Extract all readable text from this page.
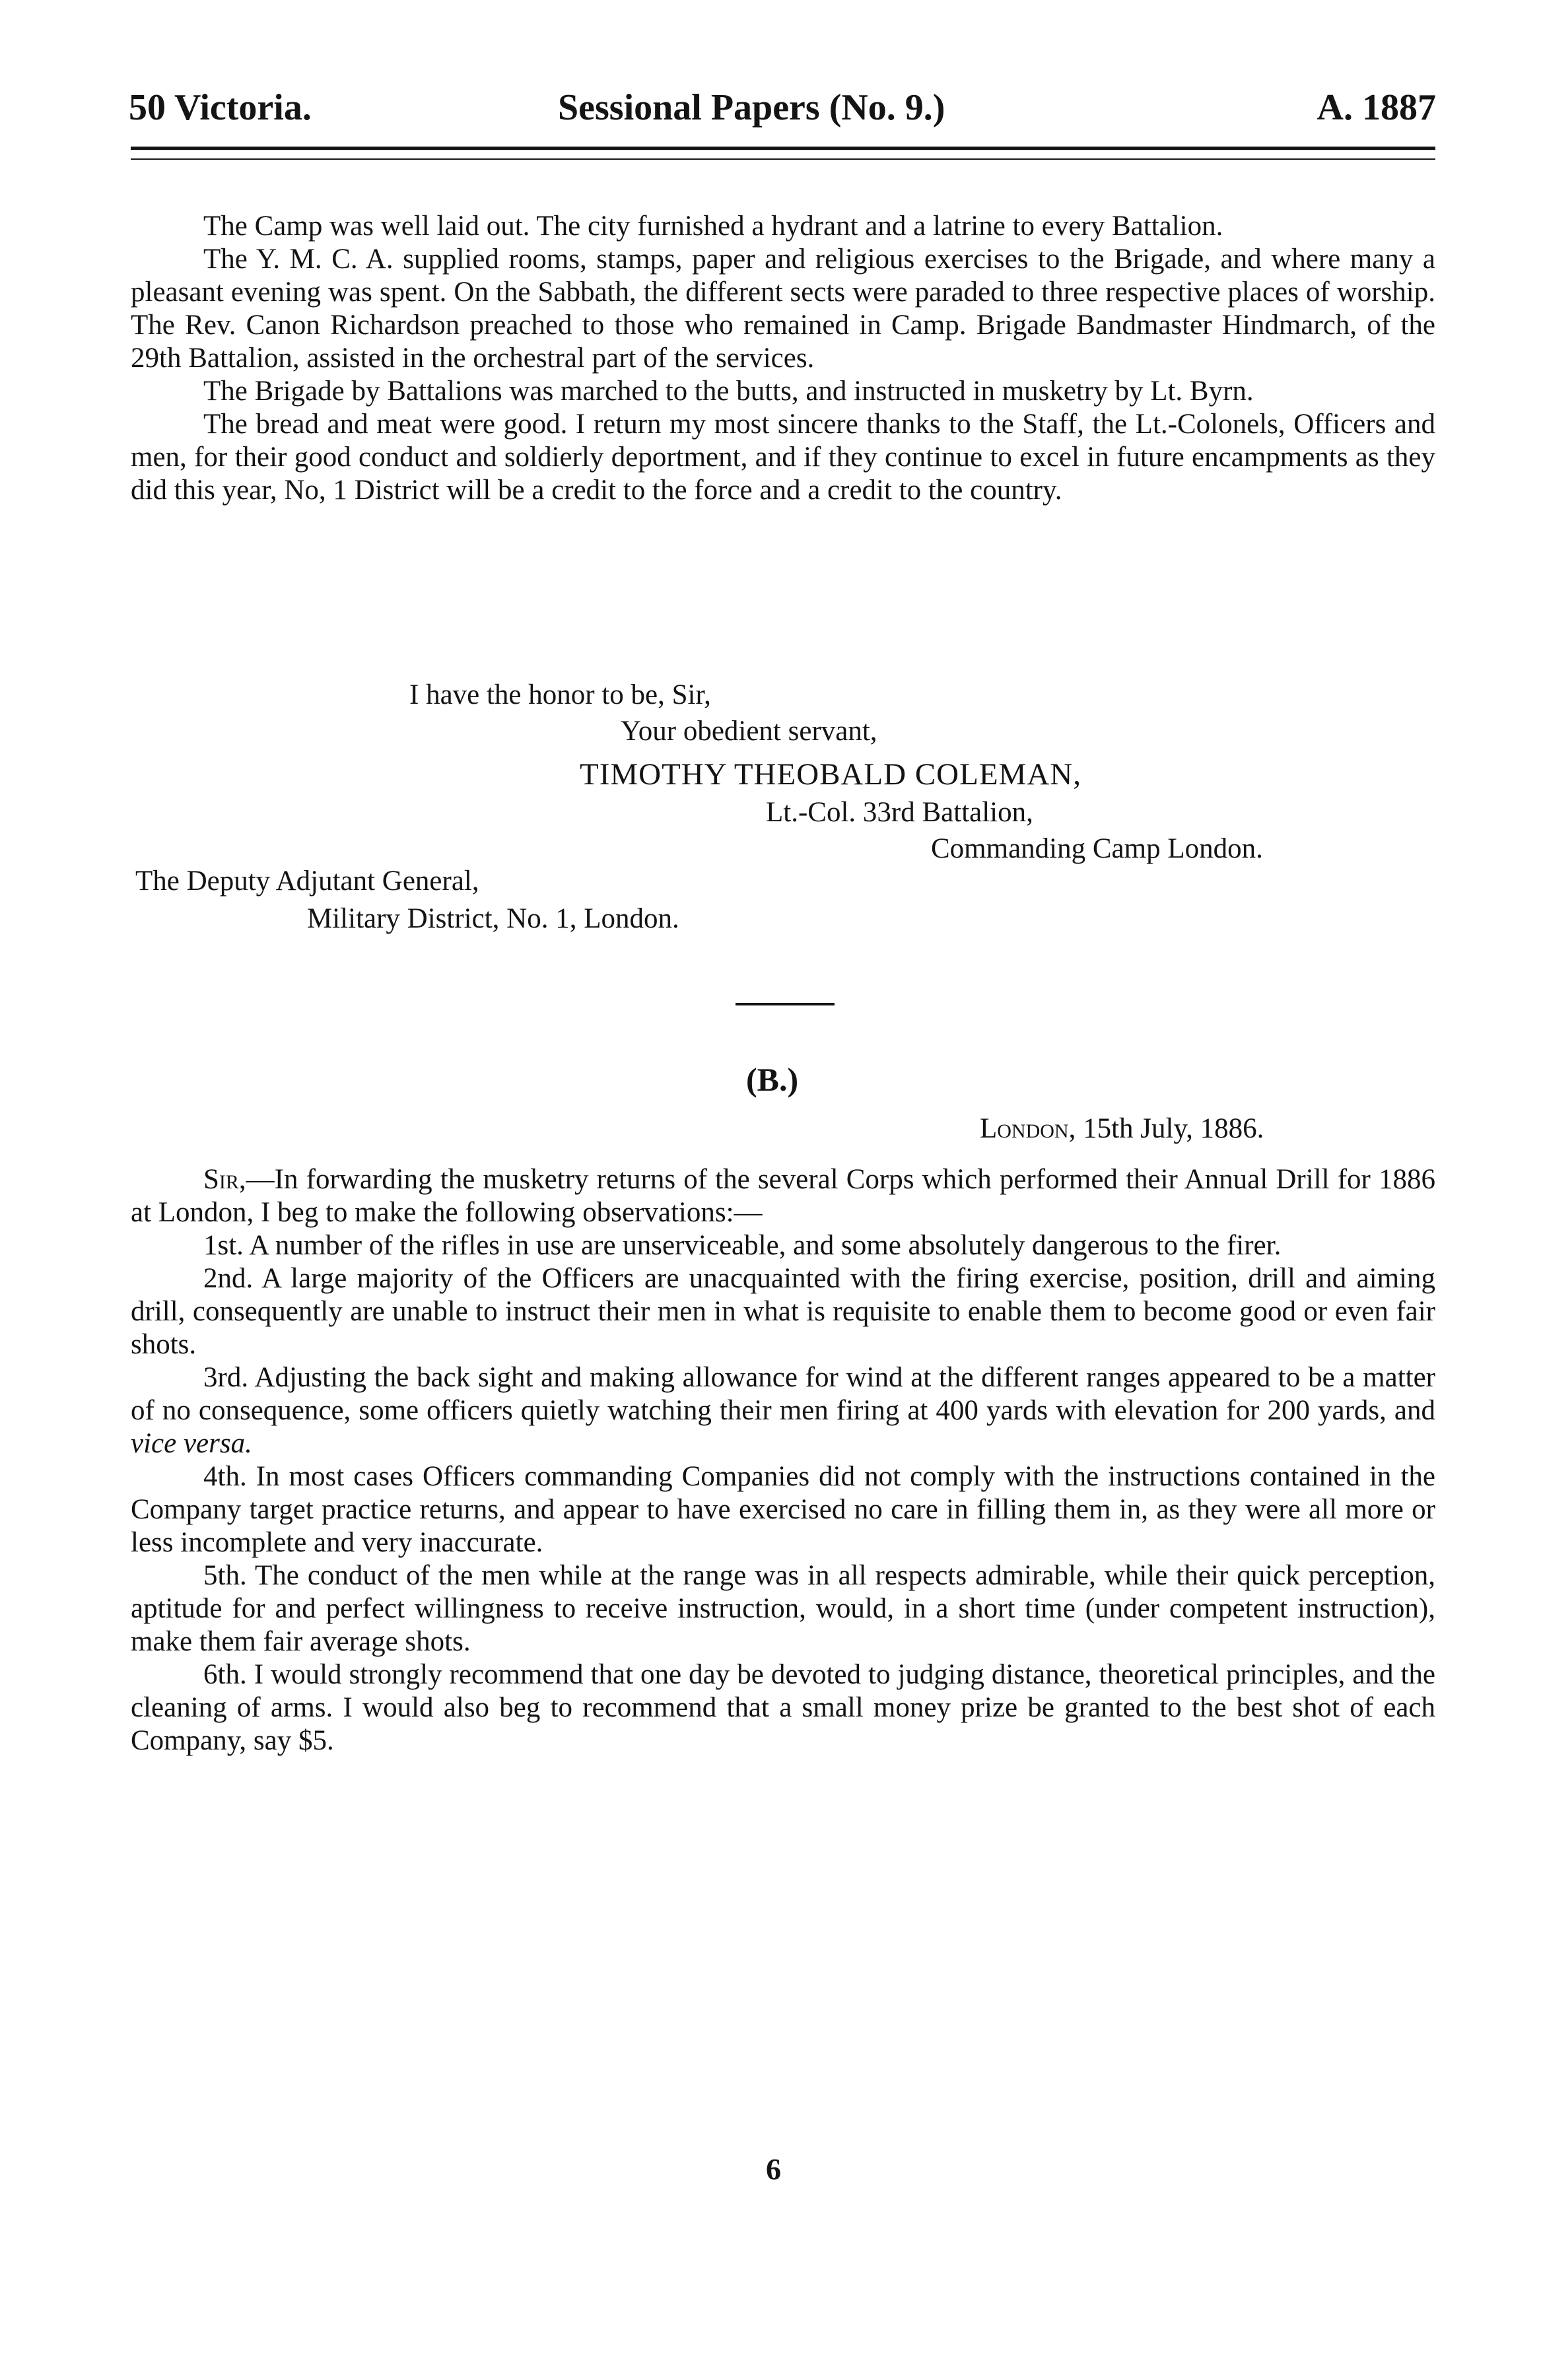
50 Victoria.	Sessional Papers (No. 9.)	A. 1887

The Camp was well laid out. The city furnished a hydrant and a latrine to every Battalion.

The Y. M. C. A. supplied rooms, stamps, paper and religious exercises to the Brigade, and where many a pleasant evening was spent. On the Sabbath, the different sects were paraded to three respective places of worship. The Rev. Canon Richardson preached to those who remained in Camp. Brigade Bandmaster Hindmarch, of the 29th Battalion, assisted in the orchestral part of the services.

The Brigade by Battalions was marched to the butts, and instructed in musketry by Lt. Byrn.

The bread and meat were good. I return my most sincere thanks to the Staff, the Lt.-Colonels, Officers and men, for their good conduct and soldierly deportment, and if they continue to excel in future encampments as they did this year, No, 1 District will be a credit to the force and a credit to the country.

I have the honor to be, Sir,
Your obedient servant,
TIMOTHY THEOBALD COLEMAN,
Lt.-Col. 33rd Battalion,
Commanding Camp London.
The Deputy Adjutant General,
Military District, No. 1, London.
(B.)
London, 15th July, 1886.

Sir,—In forwarding the musketry returns of the several Corps which performed their Annual Drill for 1886 at London, I beg to make the following observations:—

1st. A number of the rifles in use are unserviceable, and some absolutely dangerous to the firer.

2nd. A large majority of the Officers are unacquainted with the firing exercise, position, drill and aiming drill, consequently are unable to instruct their men in what is requisite to enable them to become good or even fair shots.

3rd. Adjusting the back sight and making allowance for wind at the different ranges appeared to be a matter of no consequence, some officers quietly watching their men firing at 400 yards with elevation for 200 yards, and vice versa.

4th. In most cases Officers commanding Companies did not comply with the instructions contained in the Company target practice returns, and appear to have exercised no care in filling them in, as they were all more or less incomplete and very inaccurate.

5th. The conduct of the men while at the range was in all respects admirable, while their quick perception, aptitude for and perfect willingness to receive instruction, would, in a short time (under competent instruction), make them fair average shots.

6th. I would strongly recommend that one day be devoted to judging distance, theoretical principles, and the cleaning of arms. I would also beg to recommend that a small money prize be granted to the best shot of each Company, say $5.

6
